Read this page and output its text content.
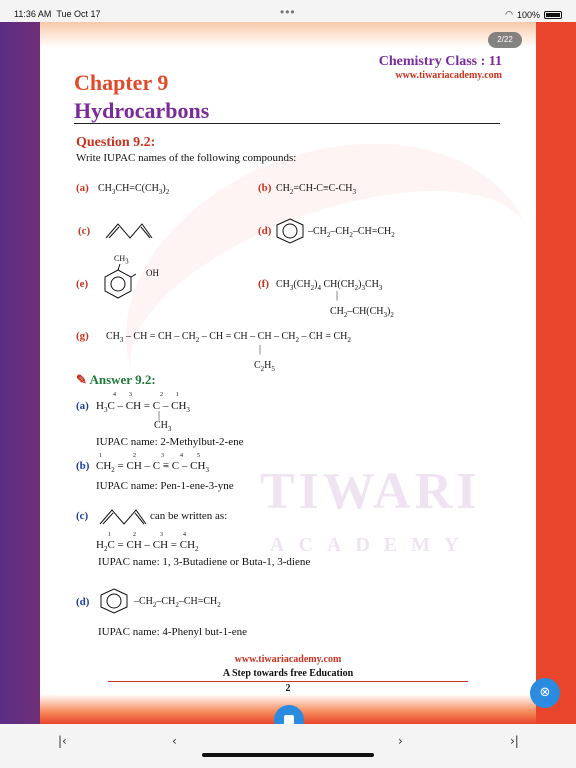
11:36 AM Tue Oct 17	•••	◠ 100%
TIWARI
ACADEMY
2/22
Chemistry Class : 11
www.tiwariacademy.com
Chapter 9
Hydrocarbons
Question 9.2:
Write IUPAC names of the following compounds:
(a) $CH_3CH=C(CH_3)_2$	(b) $CH_2=CH-C\equiv C-CH_3$
(c)	(d)	$-CH_2-CH_2-CH=CH_2$
(e)
$CH_3$
OH
(f) $CH_3(CH_2)_4$ $CH(CH_2)_3CH_3$
|
$CH_2-CH(CH_3)_2$
(g) $CH_3$ – CH = CH – $CH_2$ – CH = CH – CH – $CH_2$ – CH = $CH_2$
|
$C_2H_5$
✎ Answer 9.2:
(a)
4 3	2 1
$H_3C$ – CH = C – $CH_3$
|
$CH_3$
IUPAC name: 2-Methylbut-2-ene
(b)
1	2	3	4 5
$CH_2$ = CH – $C \equiv C - CH_3$
IUPAC name: Pen-1-ene-3-yne
(c)	can be written as:
1	2	3	4
$H_2C$ = CH – CH = $CH_2$
IUPAC name: 1, 3-Butadiene or Buta-1, 3-diene
(d)	$-CH_2-CH_2-CH=CH_2$
IUPAC name: 4-Phenyl but-1-ene
www.tiwariacademy.com
A Step towards free Education
2	⊗
|‹	‹	›	›|
